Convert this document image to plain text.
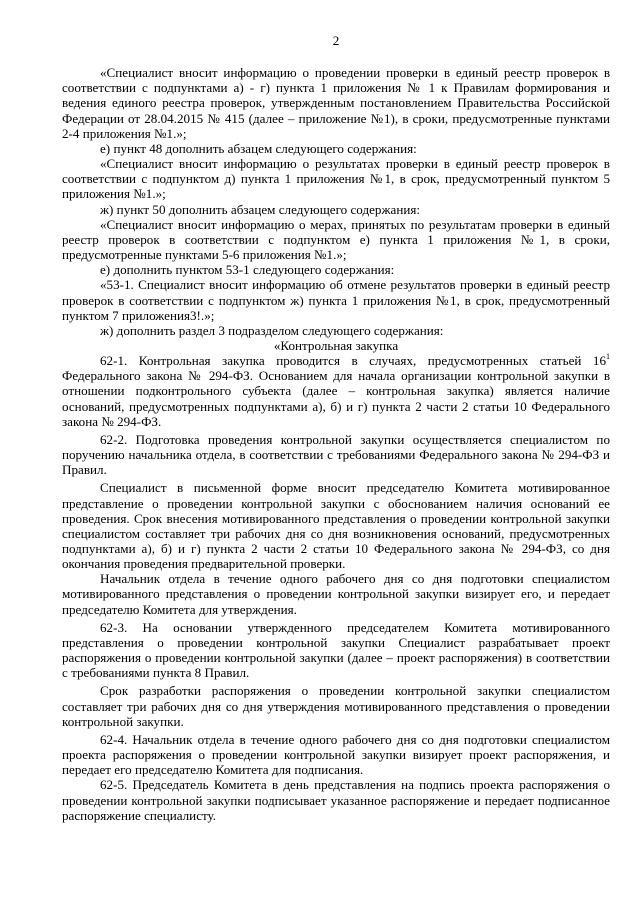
2

«Специалист вносит информацию о проведении проверки в единый реестр проверок в соответствии с подпунктами а) - г) пункта 1 приложения № 1 к Правилам формирования и ведения единого реестра проверок, утвержденным постановлением Правительства Российской Федерации от 28.04.2015 № 415 (далее – приложение №1), в сроки, предусмотренные пунктами 2-4 приложения №1.»;

е) пункт 48 дополнить абзацем следующего содержания:

«Специалист вносит информацию о результатах проверки в единый реестр проверок в соответствии с подпунктом д) пункта 1 приложения №1, в срок, предусмотренный пунктом 5 приложения №1.»;

ж) пункт 50 дополнить абзацем следующего содержания:

«Специалист вносит информацию о мерах, принятых по результатам проверки в единый реестр проверок в соответствии с подпунктом е) пункта 1 приложения №1, в сроки, предусмотренные пунктами 5-6 приложения №1.»;

е) дополнить пунктом 53-1 следующего содержания:

«53-1. Специалист вносит информацию об отмене результатов проверки в единый реестр проверок в соответствии с подпунктом ж) пункта 1 приложения №1, в срок, предусмотренный пунктом 7 приложения3!.»;

ж) дополнить раздел 3 подразделом следующего содержания:

«Контрольная закупка

62-1. Контрольная закупка проводится в случаях, предусмотренных статьей $16^1$ Федерального закона № 294-ФЗ. Основанием для начала организации контрольной закупки в отношении подконтрольного субъекта (далее – контрольная закупка) является наличие оснований, предусмотренных подпунктами а), б) и г) пункта 2 части 2 статьи 10 Федерального закона № 294-ФЗ.

62-2. Подготовка проведения контрольной закупки осуществляется специалистом по поручению начальника отдела, в соответствии с требованиями Федерального закона № 294-ФЗ и Правил.

Специалист в письменной форме вносит председателю Комитета мотивированное представление о проведении контрольной закупки с обоснованием наличия оснований ее проведения. Срок внесения мотивированного представления о проведении контрольной закупки специалистом составляет три рабочих дня со дня возникновения оснований, предусмотренных подпунктами а), б) и г) пункта 2 части 2 статьи 10 Федерального закона № 294-ФЗ, со дня окончания проведения предварительной проверки.

Начальник отдела в течение одного рабочего дня со дня подготовки специалистом мотивированного представления о проведении контрольной закупки визирует его, и передает председателю Комитета для утверждения.

62-3. На основании утвержденного председателем Комитета мотивированного представления о проведении контрольной закупки Специалист разрабатывает проект распоряжения о проведении контрольной закупки (далее – проект распоряжения) в соответствии с требованиями пункта 8 Правил.

Срок разработки распоряжения о проведении контрольной закупки специалистом составляет три рабочих дня со дня утверждения мотивированного представления о проведении контрольной закупки.

62-4. Начальник отдела в течение одного рабочего дня со дня подготовки специалистом проекта распоряжения о проведении контрольной закупки визирует проект распоряжения, и передает его председателю Комитета для подписания.

62-5. Председатель Комитета в день представления на подпись проекта распоряжения о проведении контрольной закупки подписывает указанное распоряжение и передает подписанное распоряжение специалисту.
